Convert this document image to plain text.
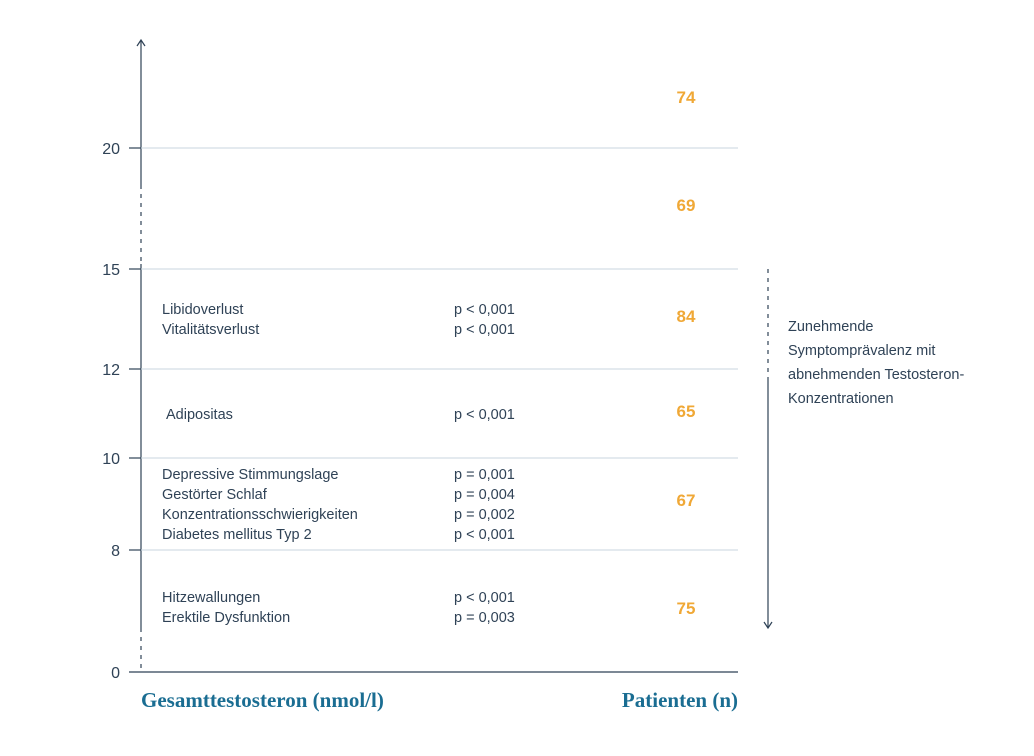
0
8
10
12
15
20
74
69
84
65
67
75
Libidoverlust	p < 0,001
Vitalitätsverlust	p < 0,001
Adipositas	p < 0,001
Depressive Stimmungslage	p = 0,001
Gestörter Schlaf	p = 0,004
Konzentrationsschwierigkeiten	p = 0,002
Diabetes mellitus Typ 2	p < 0,001
Hitzewallungen	p < 0,001
Erektile Dysfunktion	p = 0,003
Gesamttestosteron (nmol/l)	Patienten (n)
Zunehmende
Symptomprävalenz mit
abnehmenden Testosteron-
Konzentrationen
